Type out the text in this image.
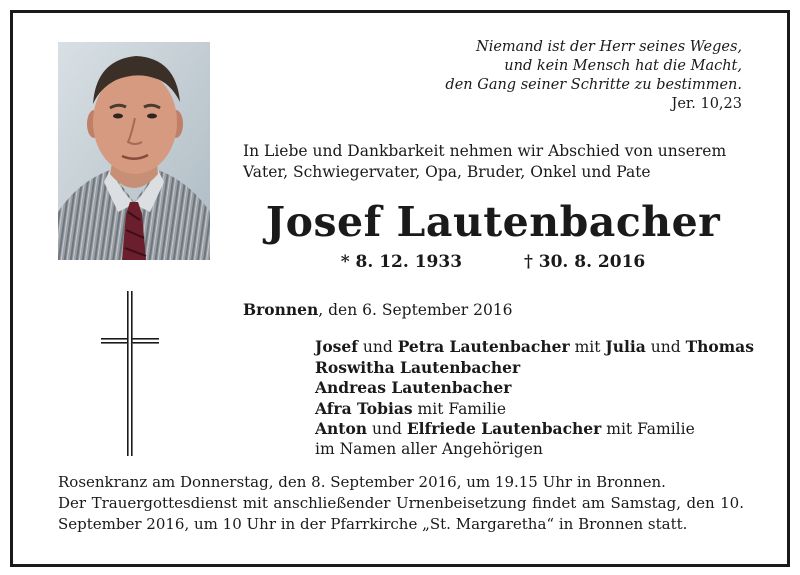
Niemand ist der Herr seines Weges,
und kein Mensch hat die Macht,
den Gang seiner Schritte zu bestimmen.
Jer. 10,23
In Liebe und Dankbarkeit nehmen wir Abschied von unserem
Vater, Schwiegervater, Opa, Bruder, Onkel und Pate
Josef Lautenbacher
* 8. 12. 1933	† 30. 8. 2016
Bronnen, den 6. September 2016
Josef und Petra Lautenbacher mit Julia und Thomas
Roswitha Lautenbacher
Andreas Lautenbacher
Afra Tobias mit Familie
Anton und Elfriede Lautenbacher mit Familie
im Namen aller Angehörigen
Rosenkranz am Donnerstag, den 8. September 2016, um 19.15 Uhr in Bronnen.
Der Trauergottesdienst mit anschließender Urnenbeisetzung findet am Samstag, den 10. September 2016, um 10 Uhr in der Pfarrkirche „St. Margaretha“ in Bronnen statt.
